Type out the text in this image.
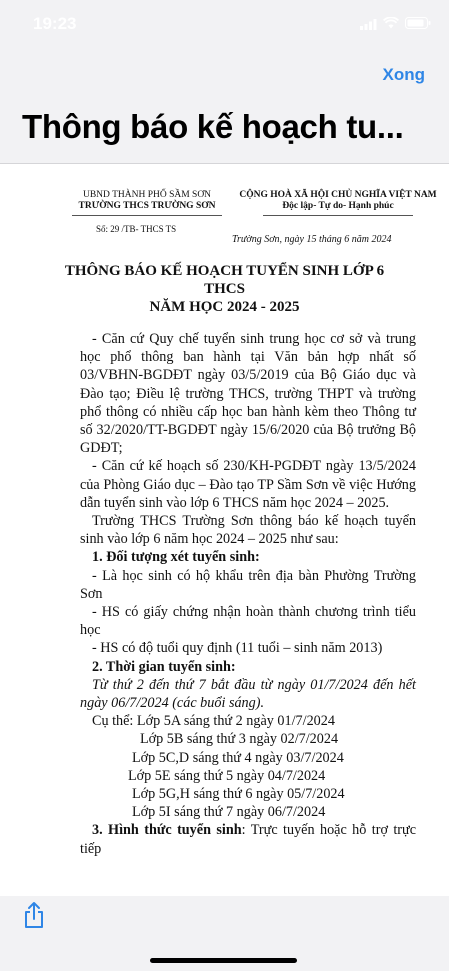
19:23
Xong
Thông báo kế hoạch tu...
UBND THÀNH PHỐ SẦM SƠN
TRƯỜNG THCS TRƯỜNG SƠN
CỘNG HOÀ XÃ HỘI CHỦ NGHĨA VIỆT NAM
Độc lập- Tự do- Hạnh phúc
Số: 29 /TB- THCS TS
Trường Sơn, ngày 15 tháng 6 năm 2024
THÔNG BÁO KẾ HOẠCH TUYỂN SINH LỚP 6
THCS
NĂM HỌC 2024 - 2025

- Căn cứ Quy chế tuyển sinh trung học cơ sở và trung học phổ thông ban hành tại Văn bản hợp nhất số 03/VBHN-BGDĐT ngày 03/5/2019 của Bộ Giáo dục và Đào tạo; Điều lệ trường THCS, trường THPT và trường phổ thông có nhiều cấp học ban hành kèm theo Thông tư số 32/2020/TT-BGDĐT ngày 15/6/2020 của Bộ trưởng Bộ GDĐT;

- Căn cứ kế hoạch số 230/KH-PGDĐT ngày 13/5/2024 của Phòng Giáo dục – Đào tạo TP Sầm Sơn về việc Hướng dẫn tuyển sinh vào lớp 6 THCS năm học 2024 – 2025.

Trường THCS Trường Sơn thông báo kế hoạch tuyển sinh vào lớp 6 năm học 2024 – 2025 như sau:

1. Đối tượng xét tuyển sinh:

- Là học sinh có hộ khẩu trên địa bàn Phường Trường Sơn

- HS có giấy chứng nhận hoàn thành chương trình tiểu học

- HS có độ tuổi quy định (11 tuổi – sinh năm 2013)

2. Thời gian tuyển sinh:

Từ thứ 2 đến thứ 7 bắt đầu từ ngày 01/7/2024 đến hết ngày 06/7/2024 (các buổi sáng).

Cụ thể: Lớp 5A sáng thứ 2 ngày 01/7/2024

Lớp 5B sáng thứ 3 ngày 02/7/2024

Lớp 5C,D sáng thứ 4 ngày 03/7/2024

Lớp 5E sáng thứ 5 ngày 04/7/2024

Lớp 5G,H sáng thứ 6 ngày 05/7/2024

Lớp 5I sáng thứ 7 ngày 06/7/2024

3. Hình thức tuyển sinh: Trực tuyến hoặc hỗ trợ trực tiếp
